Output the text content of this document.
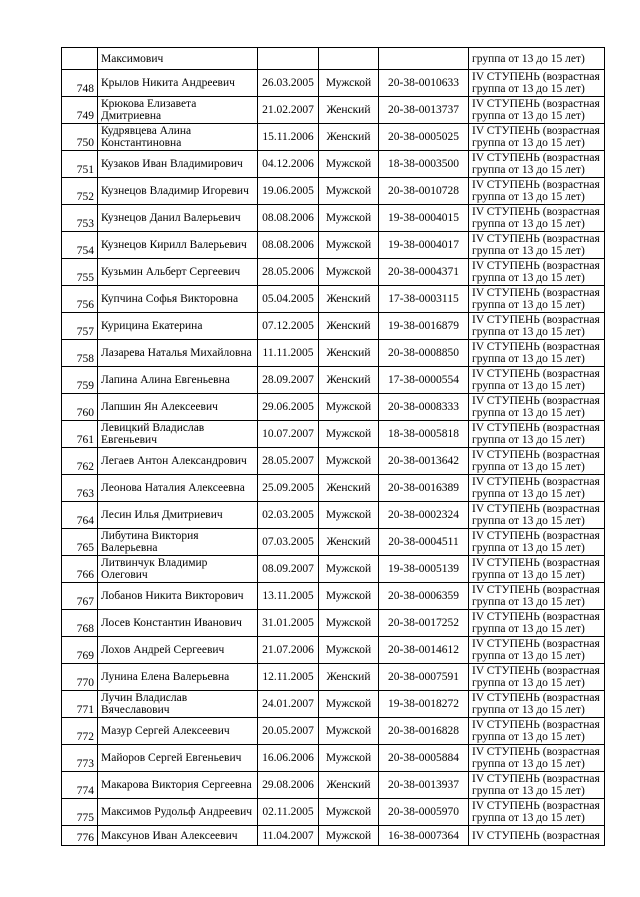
	Максимович				группа от 13 до 15 лет)

748	Крылов Никита Андреевич	26.03.2005	Мужской	20-38-0010633	IV СТУПЕНЬ (возрастная
группа от 13 до 15 лет)

749	Крюкова Елизавета Дмитриевна	21.02.2007	Женский	20-38-0013737	IV СТУПЕНЬ (возрастная
группа от 13 до 15 лет)

750	Кудрявцева Алина Константиновна	15.11.2006	Женский	20-38-0005025	IV СТУПЕНЬ (возрастная
группа от 13 до 15 лет)

751	Кузаков Иван Владимирович	04.12.2006	Мужской	18-38-0003500	IV СТУПЕНЬ (возрастная
группа от 13 до 15 лет)

752	Кузнецов Владимир Игоревич	19.06.2005	Мужской	20-38-0010728	IV СТУПЕНЬ (возрастная
группа от 13 до 15 лет)

753	Кузнецов Данил Валерьевич	08.08.2006	Мужской	19-38-0004015	IV СТУПЕНЬ (возрастная
группа от 13 до 15 лет)

754	Кузнецов Кирилл Валерьевич	08.08.2006	Мужской	19-38-0004017	IV СТУПЕНЬ (возрастная
группа от 13 до 15 лет)

755	Кузьмин Альберт Сергеевич	28.05.2006	Мужской	20-38-0004371	IV СТУПЕНЬ (возрастная
группа от 13 до 15 лет)

756	Купчина Софья Викторовна	05.04.2005	Женский	17-38-0003115	IV СТУПЕНЬ (возрастная
группа от 13 до 15 лет)

757	Курицина Екатерина	07.12.2005	Женский	19-38-0016879	IV СТУПЕНЬ (возрастная
группа от 13 до 15 лет)

758	Лазарева Наталья Михайловна	11.11.2005	Женский	20-38-0008850	IV СТУПЕНЬ (возрастная
группа от 13 до 15 лет)

759	Лапина Алина Евгеньевна	28.09.2007	Женский	17-38-0000554	IV СТУПЕНЬ (возрастная
группа от 13 до 15 лет)

760	Лапшин Ян Алексеевич	29.06.2005	Мужской	20-38-0008333	IV СТУПЕНЬ (возрастная
группа от 13 до 15 лет)

761	Левицкий Владислав Евгеньевич	10.07.2007	Мужской	18-38-0005818	IV СТУПЕНЬ (возрастная
группа от 13 до 15 лет)

762	Легаев Антон Александрович	28.05.2007	Мужской	20-38-0013642	IV СТУПЕНЬ (возрастная
группа от 13 до 15 лет)

763	Леонова Наталия Алексеевна	25.09.2005	Женский	20-38-0016389	IV СТУПЕНЬ (возрастная
группа от 13 до 15 лет)

764	Лесин Илья Дмитриевич	02.03.2005	Мужской	20-38-0002324	IV СТУПЕНЬ (возрастная
группа от 13 до 15 лет)

765	Либутина Виктория Валерьевна	07.03.2005	Женский	20-38-0004511	IV СТУПЕНЬ (возрастная
группа от 13 до 15 лет)

766	Литвинчук Владимир Олегович	08.09.2007	Мужской	19-38-0005139	IV СТУПЕНЬ (возрастная
группа от 13 до 15 лет)

767	Лобанов Никита Викторович	13.11.2005	Мужской	20-38-0006359	IV СТУПЕНЬ (возрастная
группа от 13 до 15 лет)

768	Лосев Константин Иванович	31.01.2005	Мужской	20-38-0017252	IV СТУПЕНЬ (возрастная
группа от 13 до 15 лет)

769	Лохов Андрей Сергеевич	21.07.2006	Мужской	20-38-0014612	IV СТУПЕНЬ (возрастная
группа от 13 до 15 лет)

770	Лунина Елена Валерьевна	12.11.2005	Женский	20-38-0007591	IV СТУПЕНЬ (возрастная
группа от 13 до 15 лет)

771	Лучин Владислав Вячеславович	24.01.2007	Мужской	19-38-0018272	IV СТУПЕНЬ (возрастная
группа от 13 до 15 лет)

772	Мазур Сергей Алексеевич	20.05.2007	Мужской	20-38-0016828	IV СТУПЕНЬ (возрастная
группа от 13 до 15 лет)

773	Майоров Сергей Евгеньевич	16.06.2006	Мужской	20-38-0005884	IV СТУПЕНЬ (возрастная
группа от 13 до 15 лет)

774	Макарова Виктория Сергеевна	29.08.2006	Женский	20-38-0013937	IV СТУПЕНЬ (возрастная
группа от 13 до 15 лет)

775	Максимов Рудольф Андреевич	02.11.2005	Мужской	20-38-0005970	IV СТУПЕНЬ (возрастная
группа от 13 до 15 лет)

776	Максунов Иван Алексеевич	11.04.2007	Мужской	16-38-0007364	IV СТУПЕНЬ (возрастная
